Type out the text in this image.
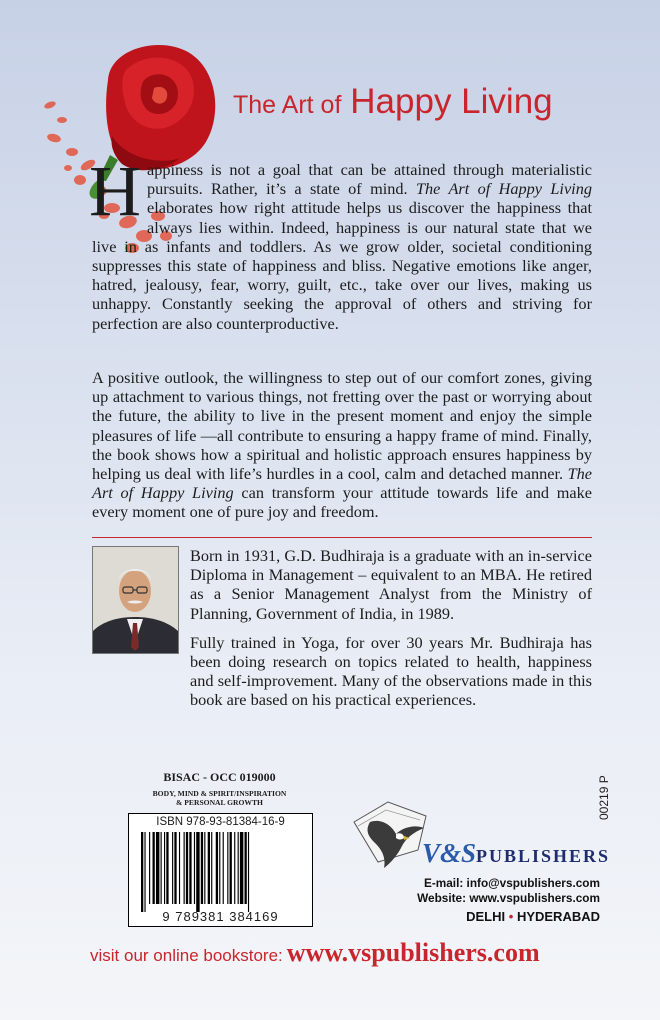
The Art of Happy Living

Happiness is not a goal that can be attained through materialistic pursuits. Rather, it’s a state of mind. The Art of Happy Living elaborates how right attitude helps us discover the happiness that always lies within. Indeed, happiness is our natural state that we live in as infants and toddlers. As we grow older, societal conditioning suppresses this state of happiness and bliss. Negative emotions like anger, hatred, jealousy, fear, worry, guilt, etc., take over our lives, making us unhappy. Constantly seeking the approval of others and striving for perfection are also counterproductive.

A positive outlook, the willingness to step out of our comfort zones, giving up attachment to various things, not fretting over the past or worrying about the future, the ability to live in the present moment and enjoy the simple pleasures of life —all contribute to ensuring a happy frame of mind. Finally, the book shows how a spiritual and holistic approach ensures happiness by helping us deal with life’s hurdles in a cool, calm and detached manner. The Art of Happy Living can transform your attitude towards life and make every moment one of pure joy and freedom.

Born in 1931, G.D. Budhiraja is a graduate with an in-service Diploma in Management – equivalent to an MBA. He retired as a Senior Management Analyst from the Ministry of Planning, Government of India, in 1989.

Fully trained in Yoga, for over 30 years Mr. Budhiraja has been doing research on topics related to health, happiness and self-improvement. Many of the observations made in this book are based on his practical experiences.

BISAC - OCC 019000
BODY, MIND & SPIRIT/INSPIRATION
& PERSONAL GROWTH
ISBN 978-93-81384-16-9
9 789381 384169
00219 P
V&SPUBLISHERS
E-mail: info@vspublishers.com
Website: www.vspublishers.com
DELHI • HYDERABAD
visit our online bookstore: www.vspublishers.com
